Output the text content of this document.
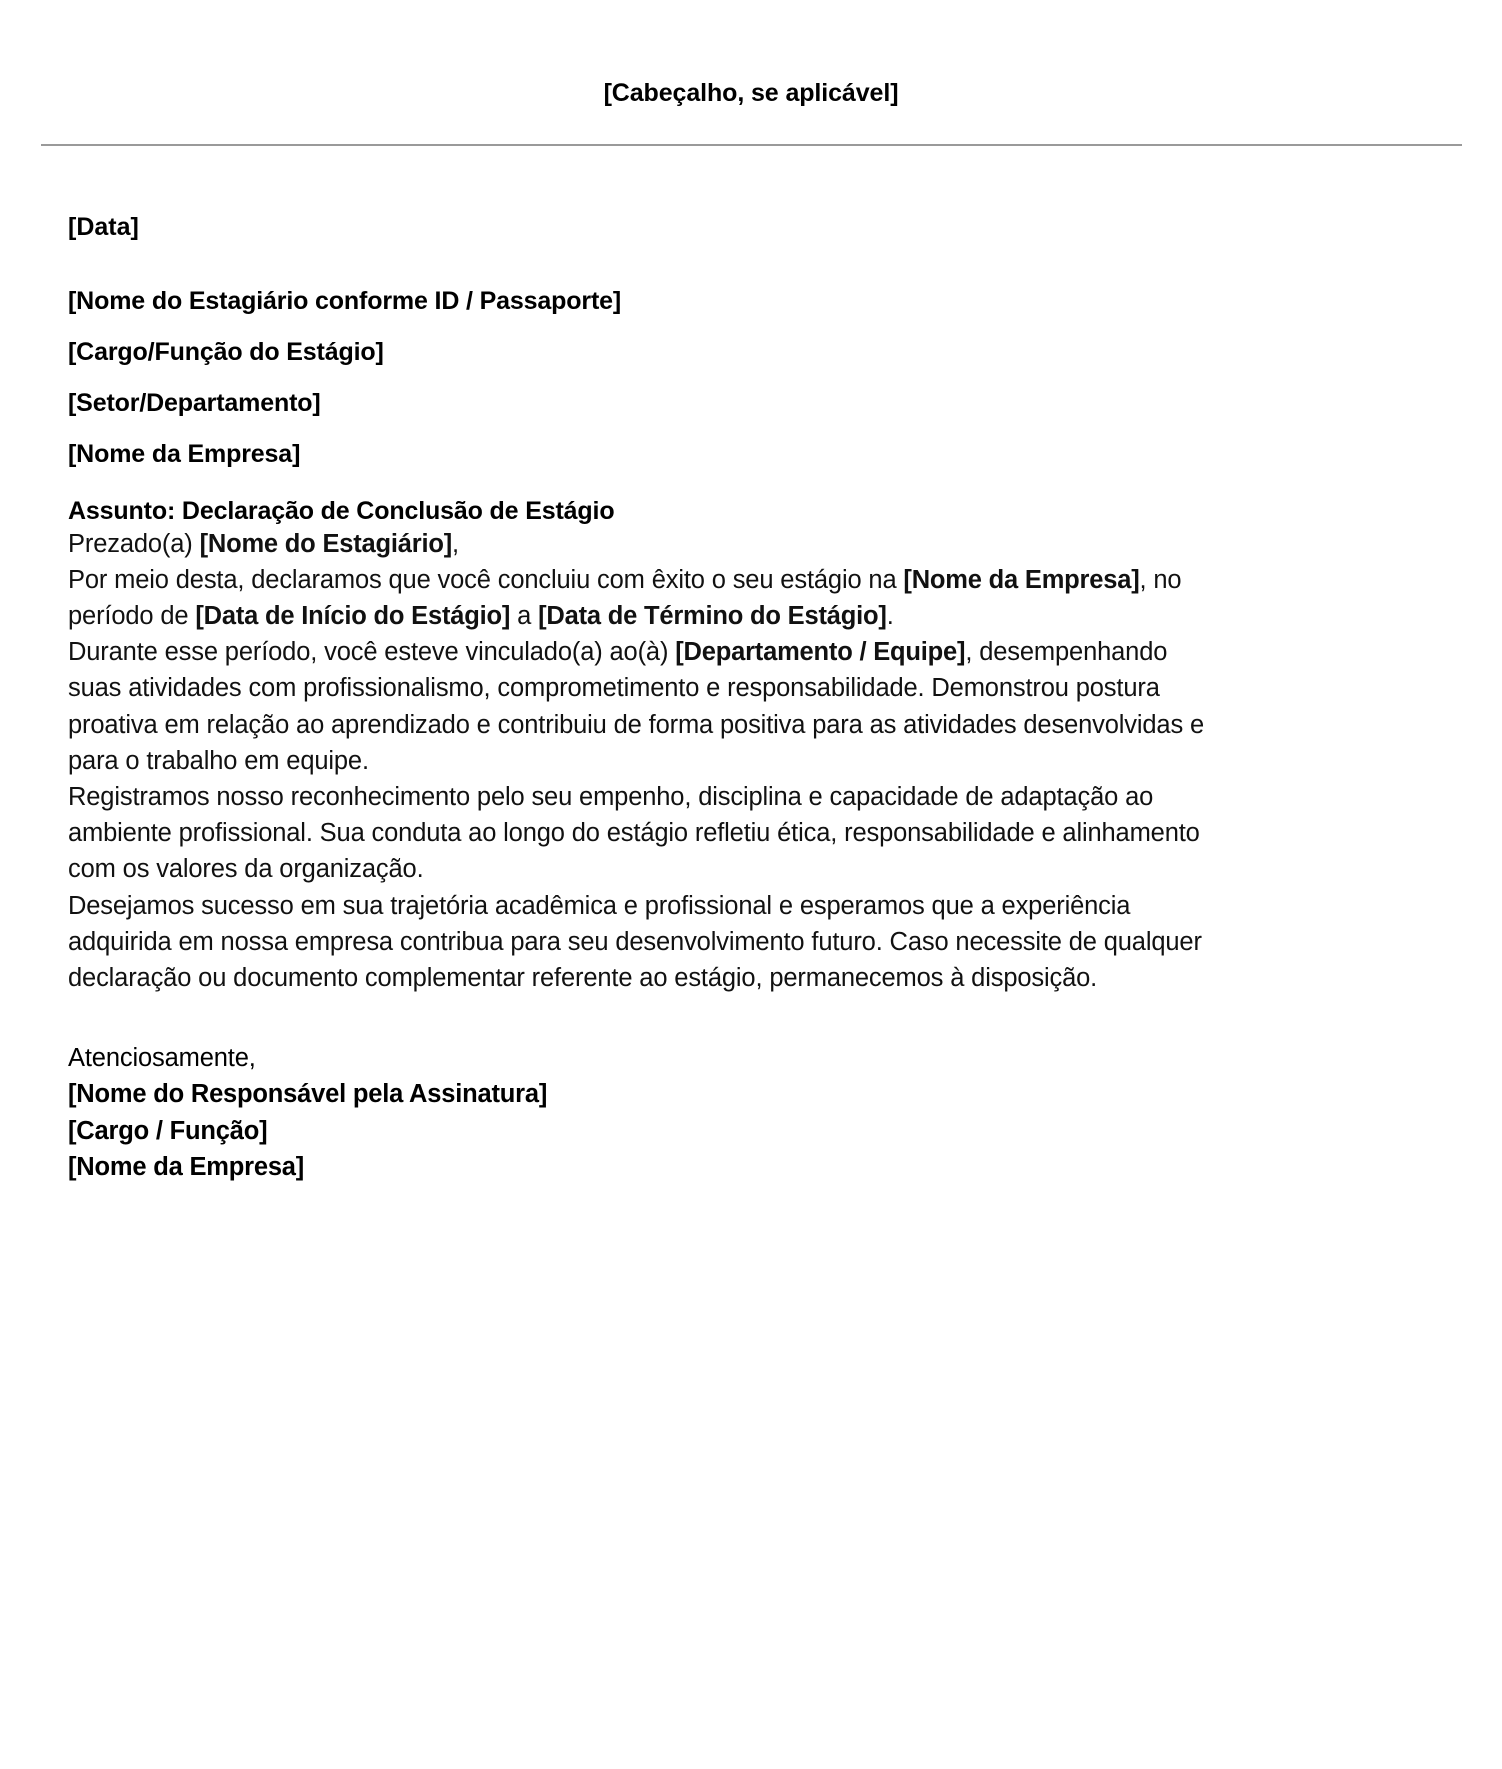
[Cabeçalho, se aplicável]
[Data]
[Nome do Estagiário conforme ID / Passaporte]
[Cargo/Função do Estágio]
[Setor/Departamento]
[Nome da Empresa]
Assunto: Declaração de Conclusão de Estágio

Prezado(a) [Nome do Estagiário],

Por meio desta, declaramos que você concluiu com êxito o seu estágio na [Nome da Empresa], no período de [Data de Início do Estágio] a [Data de Término do Estágio].

Durante esse período, você esteve vinculado(a) ao(à) [Departamento / Equipe], desempenhando suas atividades com profissionalismo, comprometimento e responsabilidade. Demonstrou postura proativa em relação ao aprendizado e contribuiu de forma positiva para as atividades desenvolvidas e para o trabalho em equipe.

Registramos nosso reconhecimento pelo seu empenho, disciplina e capacidade de adaptação ao ambiente profissional. Sua conduta ao longo do estágio refletiu ética, responsabilidade e alinhamento com os valores da organização.

Desejamos sucesso em sua trajetória acadêmica e profissional e esperamos que a experiência adquirida em nossa empresa contribua para seu desenvolvimento futuro. Caso necessite de qualquer declaração ou documento complementar referente ao estágio, permanecemos à disposição.

Atenciosamente,
[Nome do Responsável pela Assinatura]
[Cargo / Função]
[Nome da Empresa]
